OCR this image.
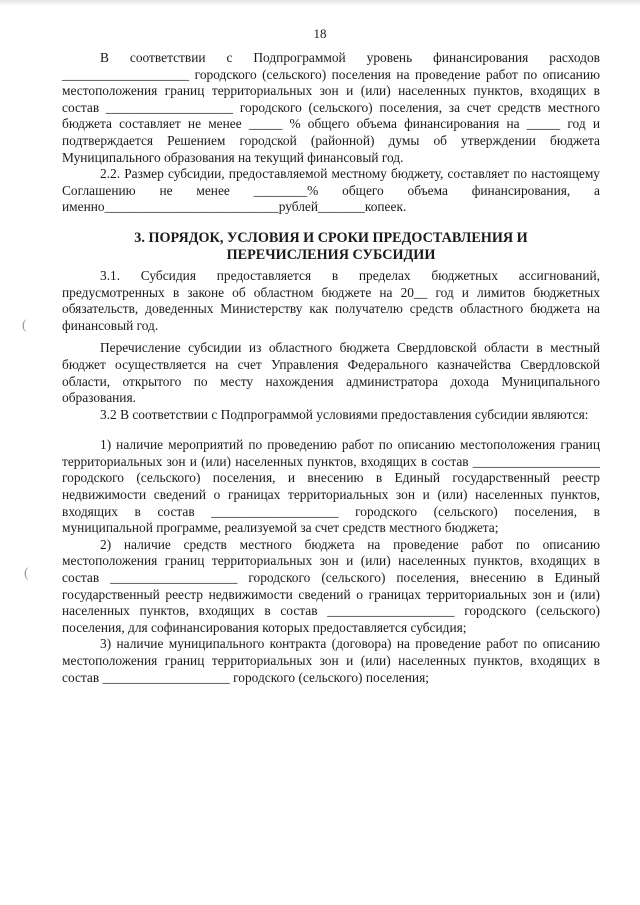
(
(
18

В соответствии с Подпрограммой уровень финансирования расходов ___________________ городского (сельского) поселения на проведение работ по описанию местоположения границ территориальных зон и (или) населенных пунктов, входящих в состав ___________________ городского (сельского) поселения, за счет средств местного бюджета составляет не менее _____ % общего объема финансирования на _____ год и подтверждается Решением городской (районной) думы об утверждении бюджета Муниципального образования на текущий финансовый год.

2.2. Размер субсидии, предоставляемой местному бюджету, составляет по настоящему Соглашению не менее ________% общего объема финансирования, а именно__________________________рублей_______копеек.

3. ПОРЯДОК, УСЛОВИЯ И СРОКИ ПРЕДОСТАВЛЕНИЯ И
ПЕРЕЧИСЛЕНИЯ СУБСИДИИ

3.1. Субсидия предоставляется в пределах бюджетных ассигнований, предусмотренных в законе об областном бюджете на 20__ год и лимитов бюджетных обязательств, доведенных Министерству как получателю средств областного бюджета на финансовый год.

Перечисление субсидии из областного бюджета Свердловской области в местный бюджет осуществляется на счет Управления Федерального казначейства Свердловской области, открытого по месту нахождения администратора дохода Муниципального образования.

3.2 В соответствии с Подпрограммой условиями предоставления субсидии являются:

1) наличие мероприятий по проведению работ по описанию местоположения границ территориальных зон и (или) населенных пунктов, входящих в состав ___________________ городского (сельского) поселения, и внесению в Единый государственный реестр недвижимости сведений о границах территориальных зон и (или) населенных пунктов, входящих в состав ___________________ городского (сельского) поселения, в муниципальной программе, реализуемой за счет средств местного бюджета;

2) наличие средств местного бюджета на проведение работ по описанию местоположения границ территориальных зон и (или) населенных пунктов, входящих в состав ___________________ городского (сельского) поселения, внесению в Единый государственный реестр недвижимости сведений о границах территориальных зон и (или) населенных пунктов, входящих в состав ___________________ городского (сельского) поселения, для софинансирования которых предоставляется субсидия;

3) наличие муниципального контракта (договора) на проведение работ по описанию местоположения границ территориальных зон и (или) населенных пунктов, входящих в состав ___________________ городского (сельского) поселения;
